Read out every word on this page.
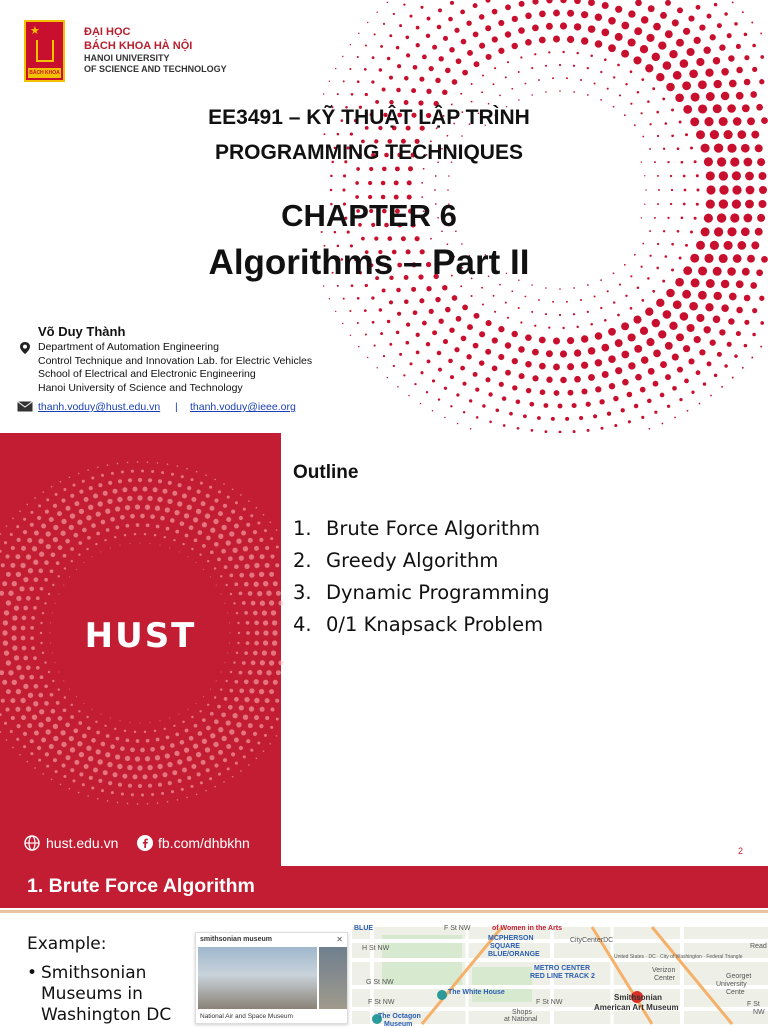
★
BÁCH KHOA
ĐẠI HỌC
BÁCH KHOA HÀ NỘI
HANOI UNIVERSITY
OF SCIENCE AND TECHNOLOGY
EE3491 – KỸ THUẬT LẬP TRÌNH
PROGRAMMING TECHNIQUES
CHAPTER 6
Algorithms – Part II
Võ Duy Thành
Department of Automation Engineering
Control Technique and Innovation Lab. for Electric Vehicles
School of Electrical and Electronic Engineering
Hanoi University of Science and Technology
thanh.voduy@hust.edu.vn | thanh.voduy@ieee.org
HUST
hust.edu.vn	fb.com/dhbkhn
Outline
1. Brute Force Algorithm
2. Greedy Algorithm
3. Dynamic Programming
4. 0/1 Knapsack Problem
2
1. Brute Force Algorithm
Example:
• Smithsonian Museums in Washington DC
smithsonian museum	✕
National Air and Space Museum
of Women in the Arts
F St NW
H St NW
MCPHERSON
SQUARE
BLUE/ORANGE
CityCenterDC
METRO CENTER
RED LINE TRACK 2
G St NW
The White House
F St NW	F St NW
The Octagon
Museum
Shops
at National
Verizon
Center
Smithsonian
American Art Museum
Georget
University
Cente
United States · DC · City of Washington · Federal Triangle
Read
F St
NW
BLUE
